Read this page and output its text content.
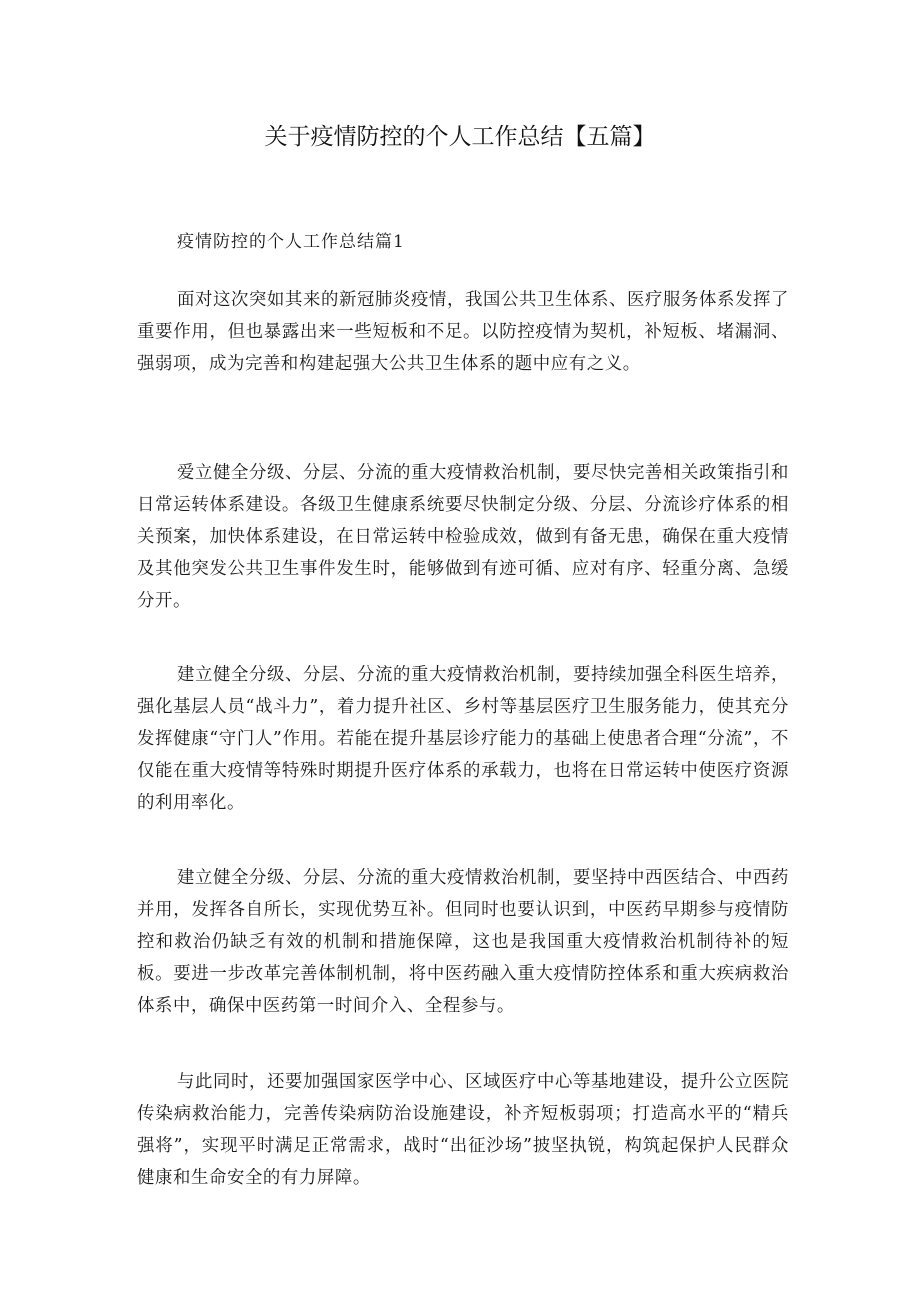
关于疫情防控的个人工作总结【五篇】
疫情防控的个人工作总结篇1

面对这次突如其来的新冠肺炎疫情，我国公共卫生体系、医疗服务体系发挥了重要作用，但也暴露出来一些短板和不足。以防控疫情为契机，补短板、堵漏洞、强弱项，成为完善和构建起强大公共卫生体系的题中应有之义。

爱立健全分级、分层、分流的重大疫情救治机制，要尽快完善相关政策指引和日常运转体系建设。各级卫生健康系统要尽快制定分级、分层、分流诊疗体系的相关预案，加快体系建设，在日常运转中检验成效，做到有备无患，确保在重大疫情及其他突发公共卫生事件发生时，能够做到有迹可循、应对有序、轻重分离、急缓分开。

建立健全分级、分层、分流的重大疫情救治机制，要持续加强全科医生培养，强化基层人员“战斗力”，着力提升社区、乡村等基层医疗卫生服务能力，使其充分发挥健康“守门人”作用。若能在提升基层诊疗能力的基础上使患者合理“分流”，不仅能在重大疫情等特殊时期提升医疗体系的承载力，也将在日常运转中使医疗资源的利用率化。

建立健全分级、分层、分流的重大疫情救治机制，要坚持中西医结合、中西药并用，发挥各自所长，实现优势互补。但同时也要认识到，中医药早期参与疫情防控和救治仍缺乏有效的机制和措施保障，这也是我国重大疫情救治机制待补的短板。要进一步改革完善体制机制，将中医药融入重大疫情防控体系和重大疾病救治体系中，确保中医药第一时间介入、全程参与。

与此同时，还要加强国家医学中心、区域医疗中心等基地建设，提升公立医院传染病救治能力，完善传染病防治设施建设，补齐短板弱项；打造高水平的“精兵强将”，实现平时满足正常需求，战时“出征沙场”披坚执锐，构筑起保护人民群众健康和生命安全的有力屏障。
